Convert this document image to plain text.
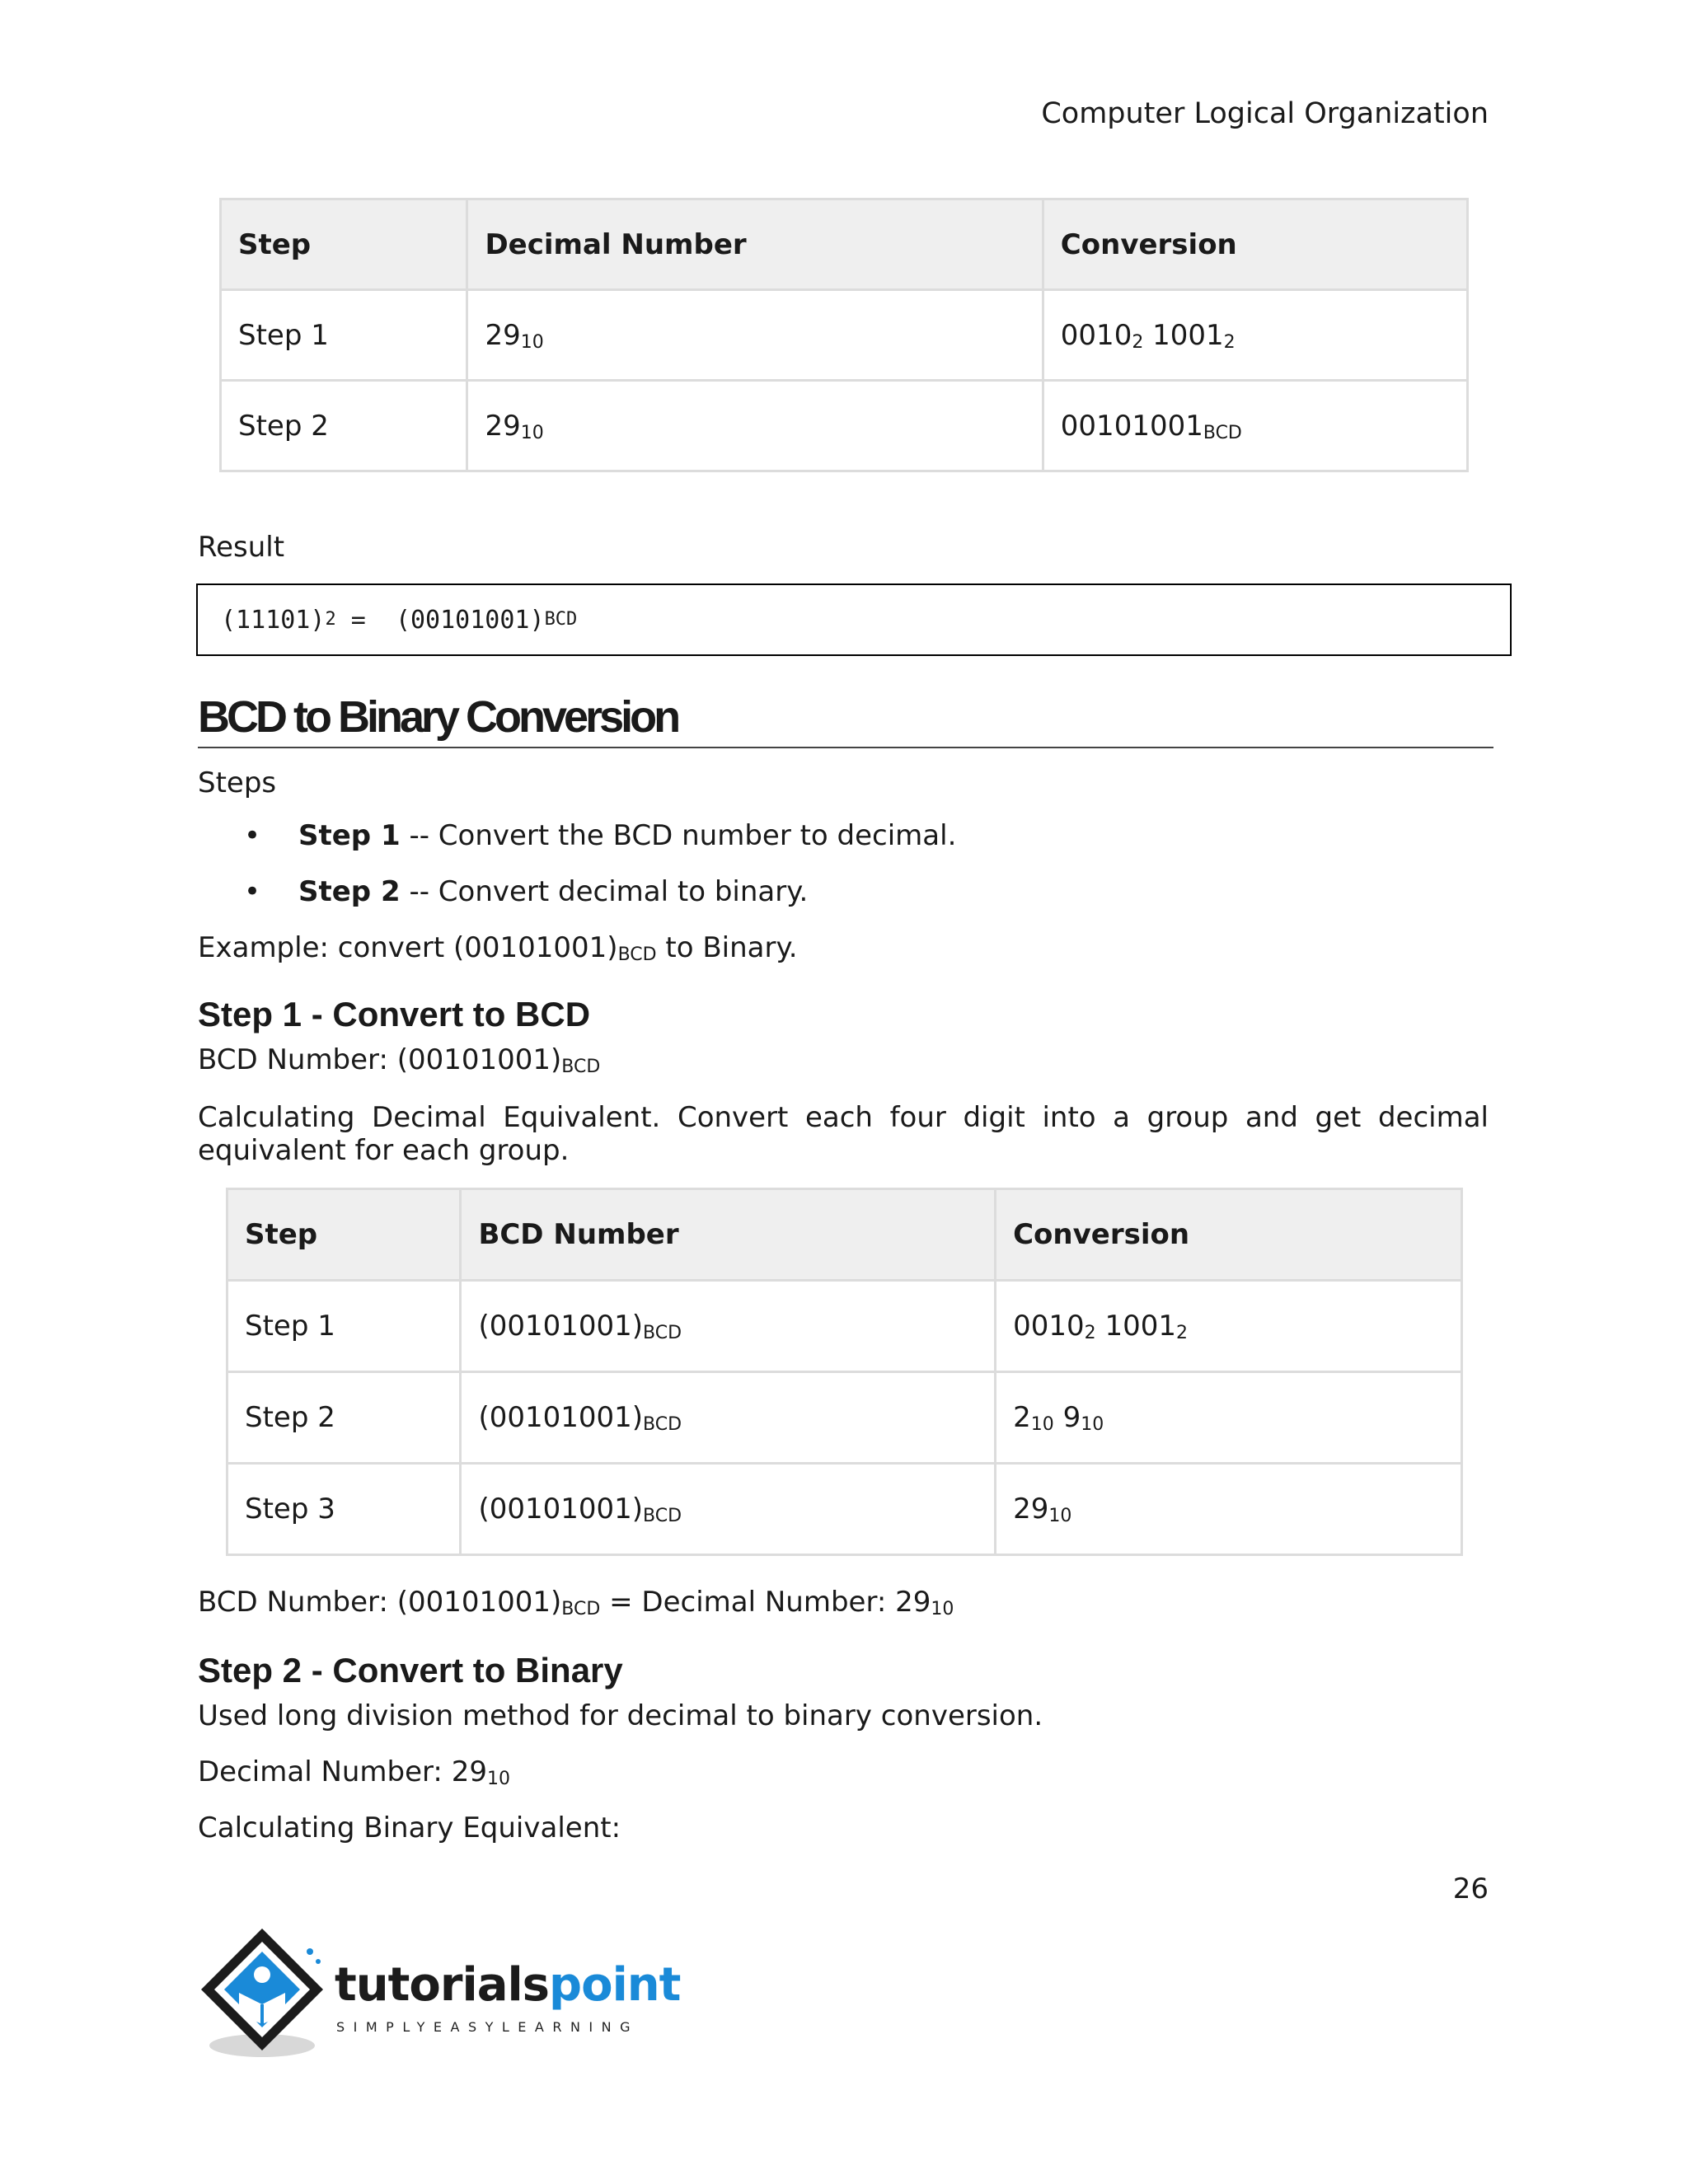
Computer Logical Organization
Step	Decimal Number	Conversion
Step 1	$29_{10}$	$0010_2$ $1001_2$
Step 2	$29_{10}$	$00101001_{BCD}$

Result

(11101) 2 = (00101001) BCD
BCD to Binary Conversion

Steps

• Step 1 -- Convert the BCD number to decimal.
• Step 2 -- Convert decimal to binary.

Example: convert $(00101001)_{BCD}$ to Binary.

Step 1 - Convert to BCD

BCD Number: $(00101001)_{BCD}$

Calculating Decimal Equivalent. Convert each four digit into a group and get decimal equivalent for each group.

Step	BCD Number	Conversion
Step 1	$(00101001)_{BCD}$	$0010_2$ $1001_2$
Step 2	$(00101001)_{BCD}$	$2_{10}$ $9_{10}$
Step 3	$(00101001)_{BCD}$	$29_{10}$

BCD Number: $(00101001)_{BCD}$ = Decimal Number: $29_{10}$

Step 2 - Convert to Binary

Used long division method for decimal to binary conversion.

Decimal Number: $29_{10}$

Calculating Binary Equivalent:

26
tutorialspoint
SIMPLYEASYLEARNING
